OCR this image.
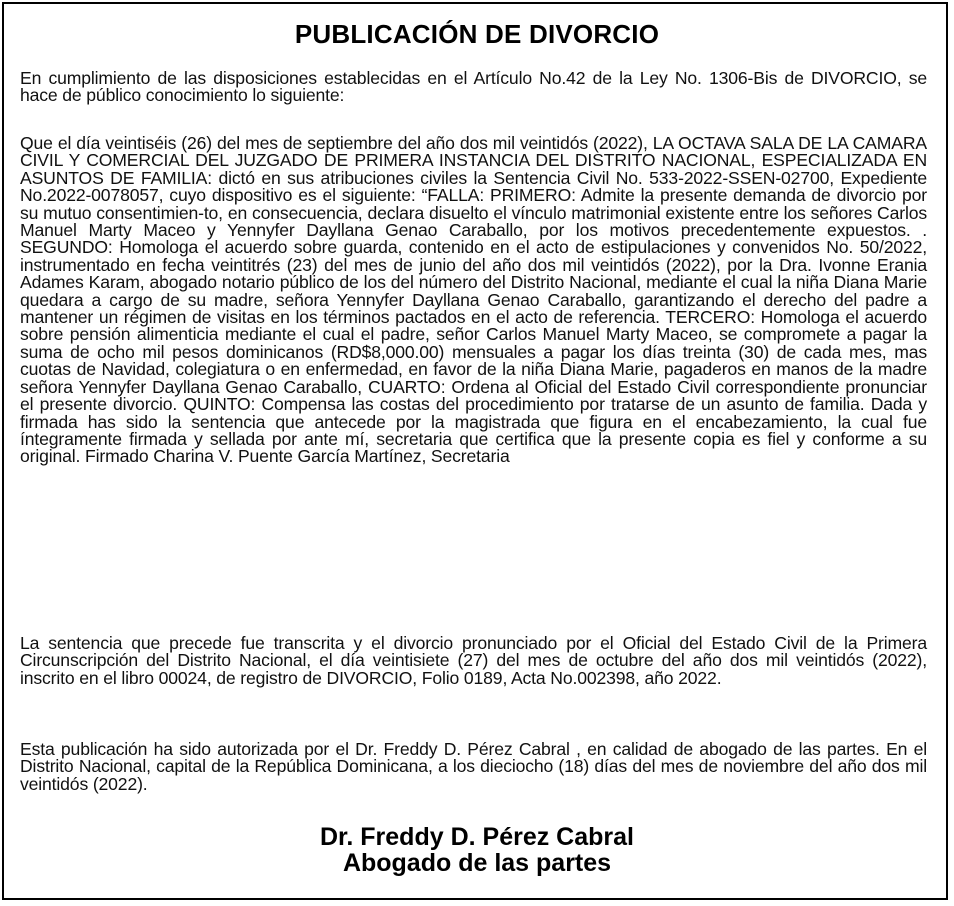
PUBLICACIÓN DE DIVORCIO
En cumplimiento de las disposiciones establecidas en el Artículo No.42 de la Ley No. 1306-Bis de DIVORCIO, se hace de público conocimiento lo siguiente:
Que el día veintiséis (26) del mes de septiembre del año dos mil veintidós (2022), LA OCTAVA SALA DE LA CAMARA CIVIL Y COMERCIAL DEL JUZGADO DE PRIMERA INSTANCIA DEL DISTRITO NACIONAL, ESPECIALIZADA EN ASUNTOS DE FAMILIA: dictó en sus atribuciones civiles la Sentencia Civil No. 533-2022-SSEN-02700, Expediente No.2022-0078057, cuyo dispositivo es el siguiente: “FALLA: PRIMERO: Admite la presente demanda de divorcio por su mutuo consentimien-to, en consecuencia, declara disuelto el vínculo matrimonial existente entre los señores Carlos Manuel Marty Maceo y Yennyfer Dayllana Genao Caraballo, por los motivos precedentemente expuestos. . SEGUNDO: Homologa el acuerdo sobre guarda, contenido en el acto de estipulaciones y convenidos No. 50/2022, instrumentado en fecha veintitrés (23) del mes de junio del año dos mil veintidós (2022), por la Dra. Ivonne Erania Adames Karam, abogado notario público de los del número del Distrito Nacional, mediante el cual la niña Diana Marie quedara a cargo de su madre, señora Yennyfer Dayllana Genao Caraballo, garantizando el derecho del padre a mantener un régimen de visitas en los términos pactados en el acto de referencia. TERCERO: Homologa el acuerdo sobre pensión alimenticia mediante el cual el padre, señor Carlos Manuel Marty Maceo, se compromete a pagar la suma de ocho mil pesos dominicanos (RD$8,000.00) mensuales a pagar los días treinta (30) de cada mes, mas cuotas de Navidad, colegiatura o en enfermedad, en favor de la niña Diana Marie, pagaderos en manos de la madre señora Yennyfer Dayllana Genao Caraballo, CUARTO: Ordena al Oficial del Estado Civil correspondiente pronunciar el presente divorcio. QUINTO: Compensa las costas del procedimiento por tratarse de un asunto de familia. Dada y firmada has sido la sentencia que antecede por la magistrada que figura en el encabezamiento, la cual fue íntegramente firmada y sellada por ante mí, secretaria que certifica que la presente copia es fiel y conforme a su original. Firmado Charina V. Puente García Martínez, Secretaria
La sentencia que precede fue transcrita y el divorcio pronunciado por el Oficial del Estado Civil de la Primera Circunscripción del Distrito Nacional, el día veintisiete (27) del mes de octubre del año dos mil veintidós (2022), inscrito en el libro 00024, de registro de DIVORCIO, Folio 0189, Acta No.002398, año 2022.
Esta publicación ha sido autorizada por el Dr. Freddy D. Pérez Cabral , en calidad de abogado de las partes. En el Distrito Nacional, capital de la República Dominicana, a los dieciocho (18) días del mes de noviembre del año dos mil veintidós (2022).
Dr. Freddy D. Pérez Cabral
Abogado de las partes
